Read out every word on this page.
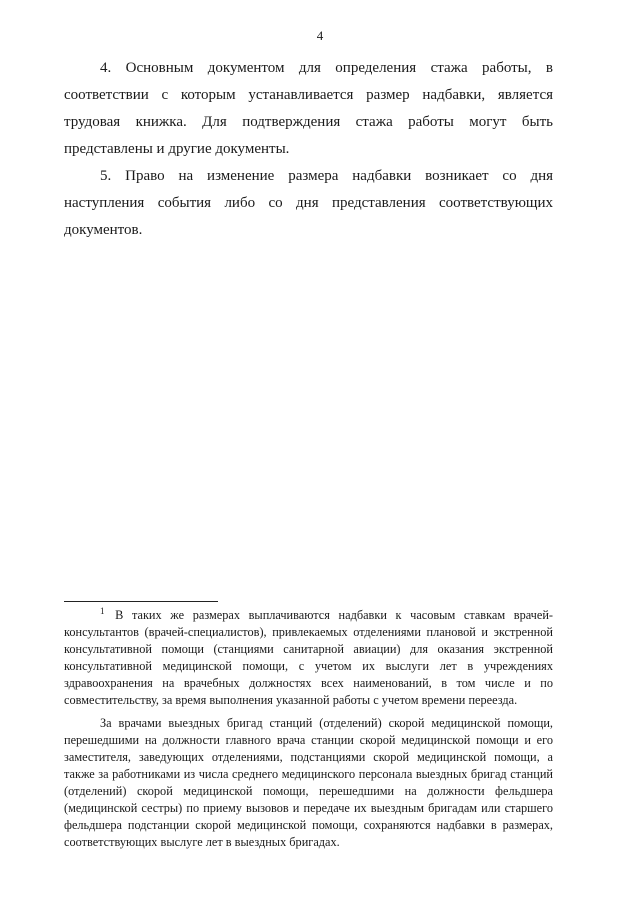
4

4. Основным документом для определения стажа работы, в соответствии с которым устанавливается размер надбавки, является трудовая книжка. Для подтверждения стажа работы могут быть представлены и другие документы.

5. Право на изменение размера надбавки возникает со дня наступления события либо со дня представления соответствующих документов.

$^1$ В таких же размерах выплачиваются надбавки к часовым ставкам врачей-консультантов (врачей-специалистов), привлекаемых отделениями плановой и экстренной консультативной помощи (станциями санитарной авиации) для оказания экстренной консультативной медицинской помощи, с учетом их выслуги лет в учреждениях здравоохранения на врачебных должностях всех наименований, в том числе и по совместительству, за время выполнения указанной работы с учетом времени переезда.

За врачами выездных бригад станций (отделений) скорой медицинской помощи, перешедшими на должности главного врача станции скорой медицинской помощи и его заместителя, заведующих отделениями, подстанциями скорой медицинской помощи, а также за работниками из числа среднего медицинского персонала выездных бригад станций (отделений) скорой медицинской помощи, перешедшими на должности фельдшера (медицинской сестры) по приему вызовов и передаче их выездным бригадам или старшего фельдшера подстанции скорой медицинской помощи, сохраняются надбавки в размерах, соответствующих выслуге лет в выездных бригадах.
